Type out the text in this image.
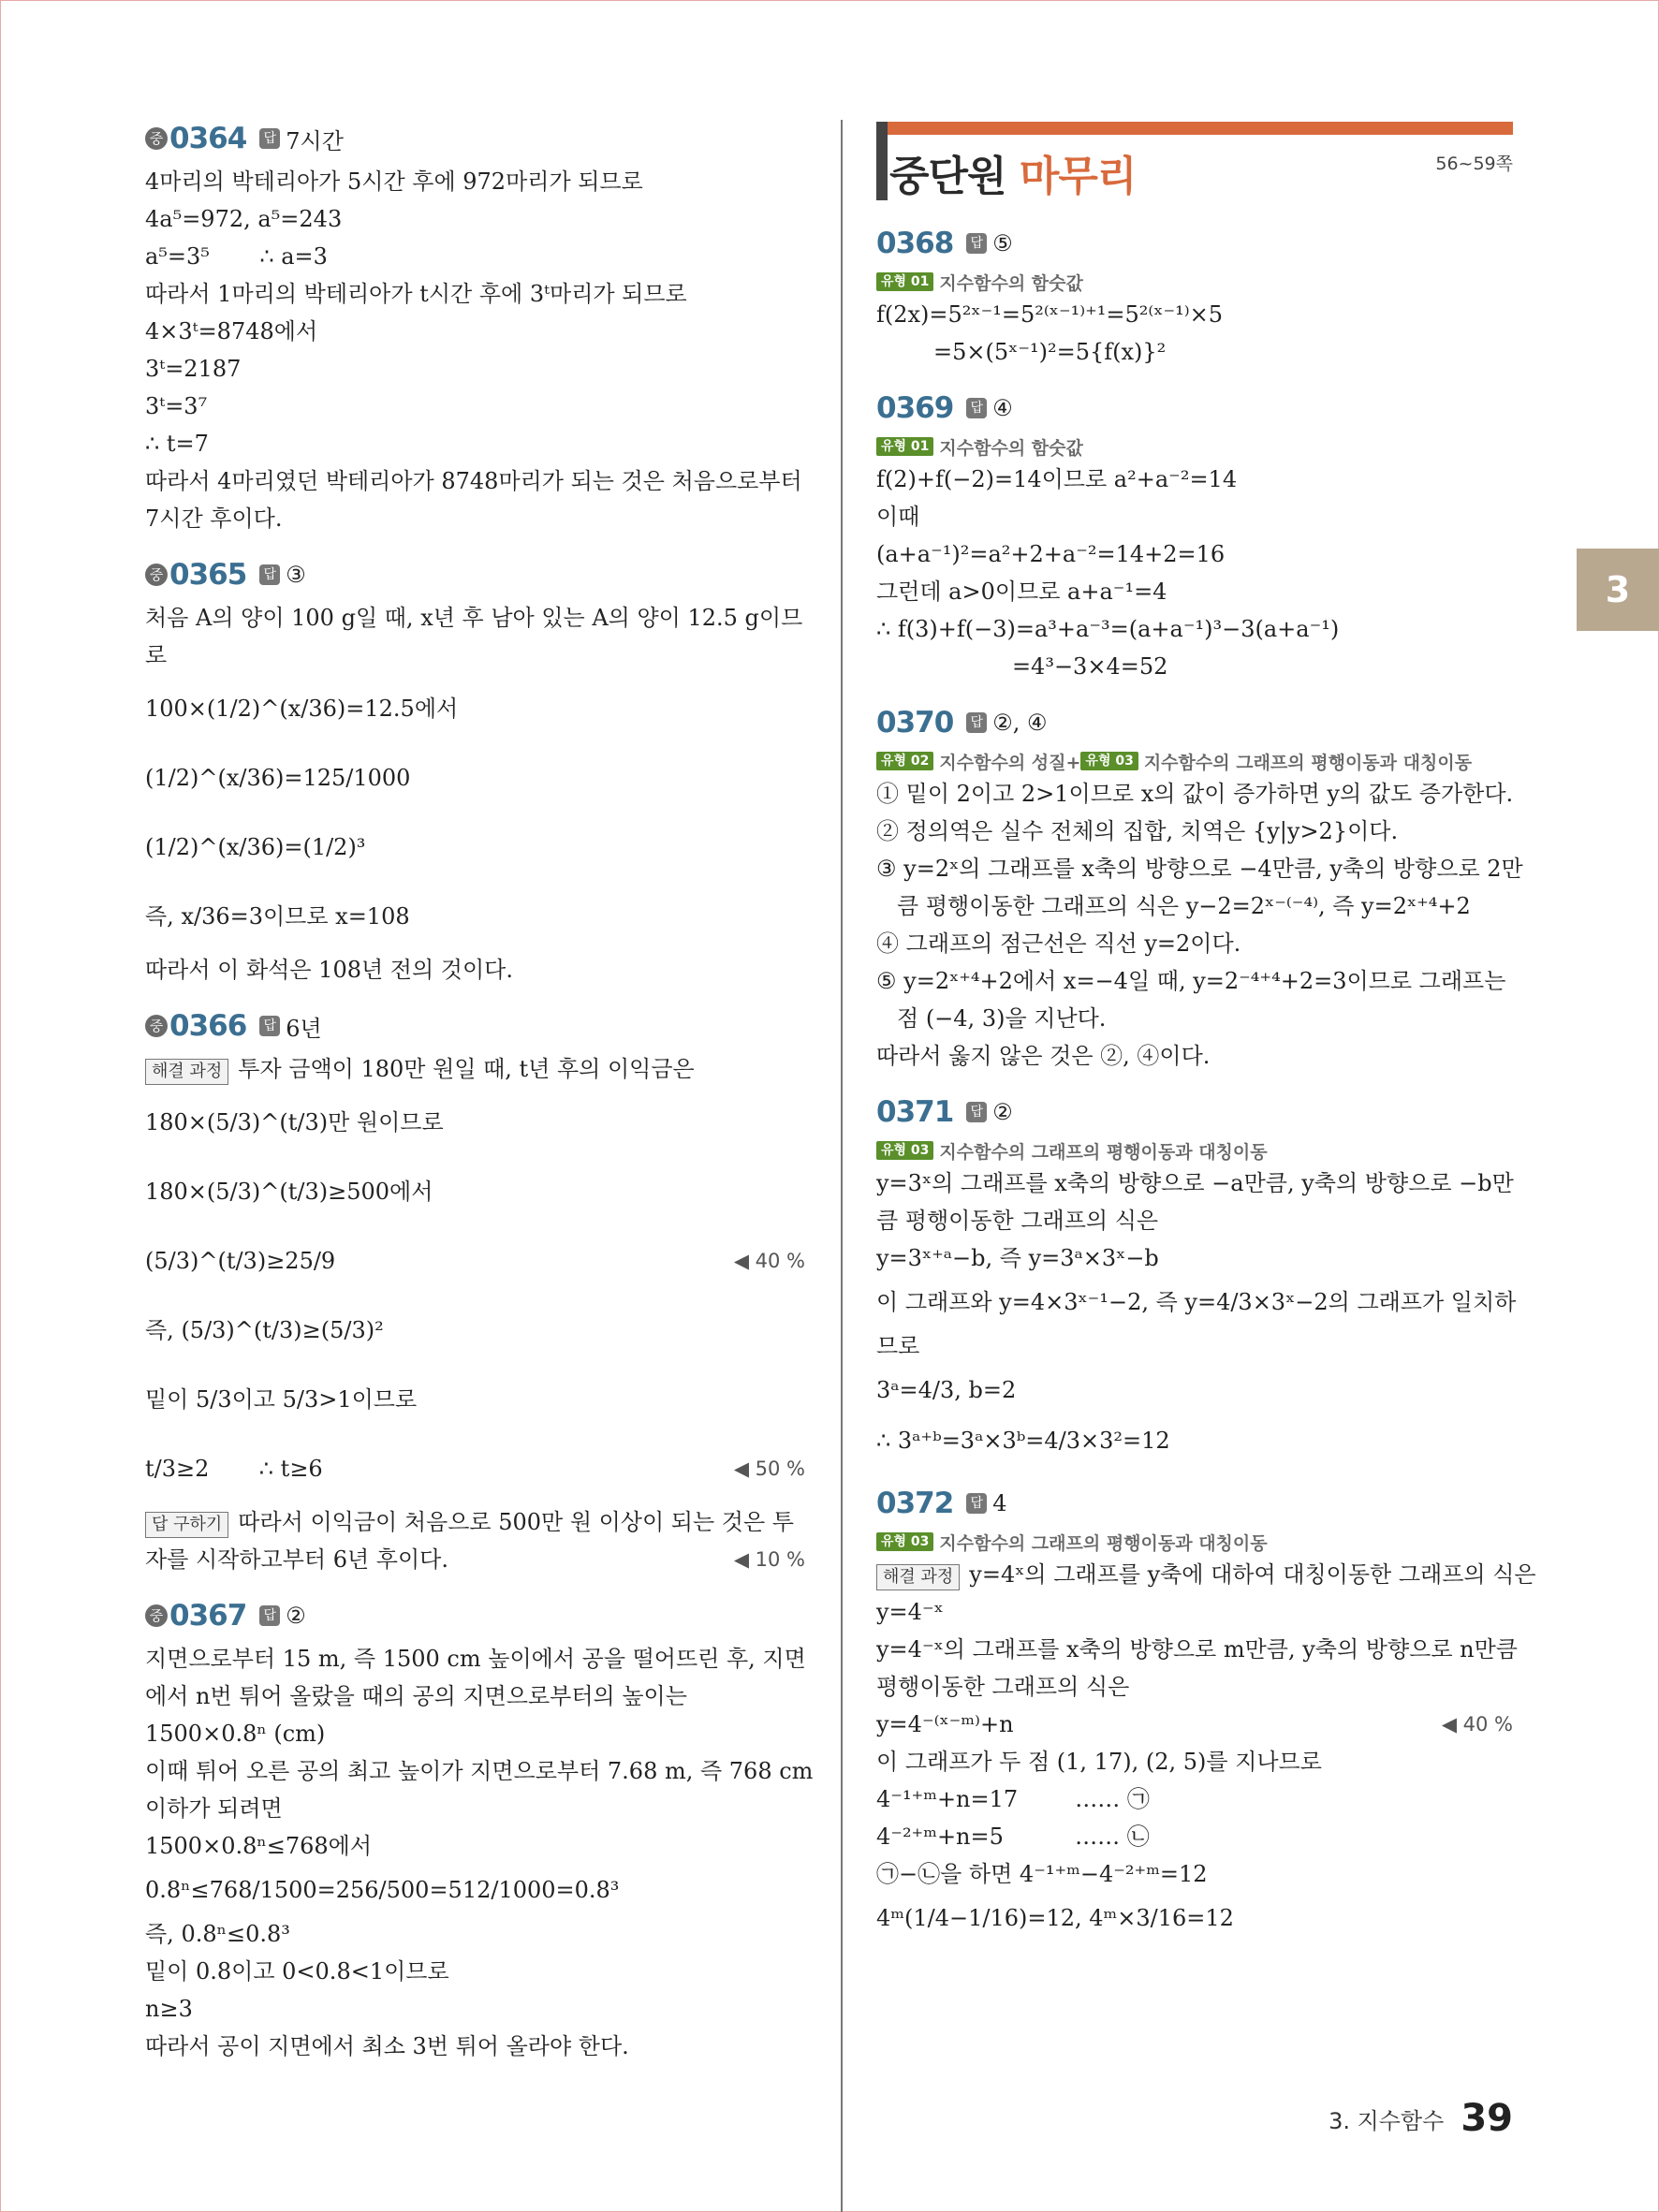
중 0364	답 7시간
4마리의 박테리아가 5시간 후에 972마리가 되므로
4a⁵=972, a⁵=243
a⁵=3⁵       ∴ a=3
따라서 1마리의 박테리아가 t시간 후에 3ᵗ마리가 되므로
4×3ᵗ=8748에서
3ᵗ=2187
3ᵗ=3⁷
∴ t=7
따라서 4마리였던 박테리아가 8748마리가 되는 것은 처음으로부터
7시간 후이다.
중 0365	답 ③
처음 A의 양이 100 g일 때, x년 후 남아 있는 A의 양이 12.5 g이므
로
100×(1/2)^(x/36)=12.5에서
(1/2)^(x/36)=125/1000
(1/2)^(x/36)=(1/2)³
즉, x/36=3이므로 x=108
따라서 이 화석은 108년 전의 것이다.
중 0366	답 6년
해결 과정 투자 금액이 180만 원일 때, t년 후의 이익금은
180×(5/3)^(t/3)만 원이므로
180×(5/3)^(t/3)≥500에서
(5/3)^(t/3)≥25/9	◀ 40 %
즉, (5/3)^(t/3)≥(5/3)²
밑이 5/3이고 5/3>1이므로
t/3≥2       ∴ t≥6	◀ 50 %
답 구하기 따라서 이익금이 처음으로 500만 원 이상이 되는 것은 투
자를 시작하고부터 6년 후이다.	◀ 10 %
중 0367	답 ②
지면으로부터 15 m, 즉 1500 cm 높이에서 공을 떨어뜨린 후, 지면
에서 n번 튀어 올랐을 때의 공의 지면으로부터의 높이는
1500×0.8ⁿ (cm)
이때 튀어 오른 공의 최고 높이가 지면으로부터 7.68 m, 즉 768 cm
이하가 되려면
1500×0.8ⁿ≤768에서
0.8ⁿ≤768/1500=256/500=512/1000=0.8³
즉, 0.8ⁿ≤0.8³
밑이 0.8이고 0<0.8<1이므로
n≥3
따라서 공이 지면에서 최소 3번 튀어 올라야 한다.
중단원 마무리	56~59쪽
0368	답 ⑤
유형 01 지수함수의 함숫값
f(2x)=5²ˣ⁻¹=5²⁽ˣ⁻¹⁾⁺¹=5²⁽ˣ⁻¹⁾×5
=5×(5ˣ⁻¹)²=5{f(x)}²
0369	답 ④
유형 01 지수함수의 함숫값
f(2)+f(−2)=14이므로 a²+a⁻²=14
이때
(a+a⁻¹)²=a²+2+a⁻²=14+2=16
그런데 a>0이므로 a+a⁻¹=4
∴ f(3)+f(−3)=a³+a⁻³=(a+a⁻¹)³−3(a+a⁻¹)
=4³−3×4=52
0370	답 ②, ④
유형 02 지수함수의 성질+ 유형 03 지수함수의 그래프의 평행이동과 대칭이동
① 밑이 2이고 2>1이므로 x의 값이 증가하면 y의 값도 증가한다.
② 정의역은 실수 전체의 집합, 치역은 {y|y>2}이다.
③ y=2ˣ의 그래프를 x축의 방향으로 −4만큼, y축의 방향으로 2만
큼 평행이동한 그래프의 식은 y−2=2ˣ⁻⁽⁻⁴⁾, 즉 y=2ˣ⁺⁴+2
④ 그래프의 점근선은 직선 y=2이다.
⑤ y=2ˣ⁺⁴+2에서 x=−4일 때, y=2⁻⁴⁺⁴+2=3이므로 그래프는
점 (−4, 3)을 지난다.
따라서 옳지 않은 것은 ②, ④이다.
0371	답 ②
유형 03 지수함수의 그래프의 평행이동과 대칭이동
y=3ˣ의 그래프를 x축의 방향으로 −a만큼, y축의 방향으로 −b만
큼 평행이동한 그래프의 식은
y=3ˣ⁺ᵃ−b, 즉 y=3ᵃ×3ˣ−b
이 그래프와 y=4×3ˣ⁻¹−2, 즉 y=4/3×3ˣ−2의 그래프가 일치하
므로
3ᵃ=4/3, b=2
∴ 3ᵃ⁺ᵇ=3ᵃ×3ᵇ=4/3×3²=12
0372	답 4
유형 03 지수함수의 그래프의 평행이동과 대칭이동
해결 과정 y=4ˣ의 그래프를 y축에 대하여 대칭이동한 그래프의 식은
y=4⁻ˣ
y=4⁻ˣ의 그래프를 x축의 방향으로 m만큼, y축의 방향으로 n만큼
평행이동한 그래프의 식은
y=4⁻⁽ˣ⁻ᵐ⁾+n	◀ 40 %
이 그래프가 두 점 (1, 17), (2, 5)를 지나므로
4⁻¹⁺ᵐ+n=17        …… ㉠
4⁻²⁺ᵐ+n=5          …… ㉡
㉠−㉡을 하면 4⁻¹⁺ᵐ−4⁻²⁺ᵐ=12
4ᵐ(1/4−1/16)=12, 4ᵐ×3/16=12
3
3. 지수함수 39
